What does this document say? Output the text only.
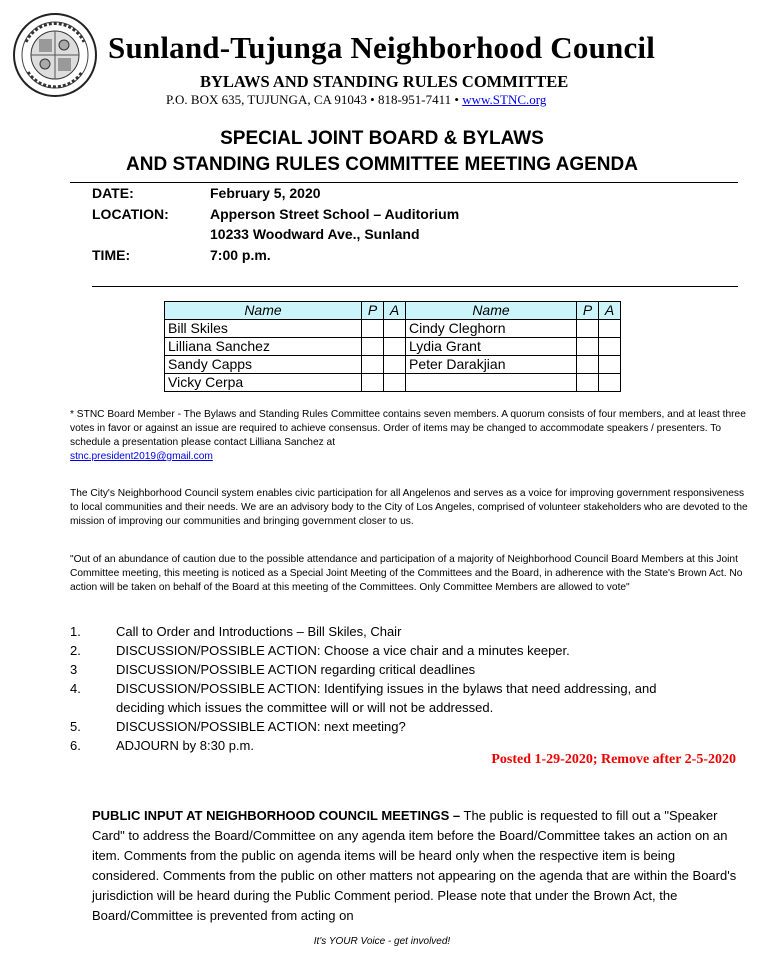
Sunland-Tujunga Neighborhood Council
BYLAWS AND STANDING RULES COMMITTEE
P.O. BOX 635, TUJUNGA, CA 91043 • 818-951-7411 • www.STNC.org
SPECIAL JOINT BOARD & BYLAWS
AND STANDING RULES COMMITTEE MEETING AGENDA
DATE:	February 5, 2020
LOCATION:	Apperson Street School – Auditorium
10233 Woodward Ave., Sunland
TIME:	7:00 p.m.
Name	P	A	Name	P	A
Bill Skiles			Cindy Cleghorn		
Lilliana Sanchez			Lydia Grant		
Sandy Capps			Peter Darakjian		
Vicky Cerpa					
* STNC Board Member - The Bylaws and Standing Rules Committee contains seven members. A quorum consists of four members, and at least three votes in favor or against an issue are required to achieve consensus. Order of items may be changed to accommodate speakers / presenters. To schedule a presentation please contact Lilliana Sanchez at
stnc.president2019@gmail.com
The City's Neighborhood Council system enables civic participation for all Angelenos and serves as a voice for improving government responsiveness to local communities and their needs. We are an advisory body to the City of Los Angeles, comprised of volunteer stakeholders who are devoted to the mission of improving our communities and bringing government closer to us.
"Out of an abundance of caution due to the possible attendance and participation of a majority of Neighborhood Council Board Members at this Joint Committee meeting, this meeting is noticed as a Special Joint Meeting of the Committees and the Board, in adherence with the State's Brown Act. No action will be taken on behalf of the Board at this meeting of the Committees. Only Committee Members are allowed to vote"
1.	Call to Order and Introductions – Bill Skiles, Chair
2.	DISCUSSION/POSSIBLE ACTION: Choose a vice chair and a minutes keeper.
3	DISCUSSION/POSSIBLE ACTION regarding critical deadlines
4.	DISCUSSION/POSSIBLE ACTION: Identifying issues in the bylaws that need addressing, and
deciding which issues the committee will or will not be addressed.
5.	DISCUSSION/POSSIBLE ACTION: next meeting?
6.	ADJOURN by 8:30 p.m.
Posted 1-29-2020; Remove after 2-5-2020
PUBLIC INPUT AT NEIGHBORHOOD COUNCIL MEETINGS – The public is requested to fill out a "Speaker Card" to address the Board/Committee on any agenda item before the Board/Committee takes an action on an item. Comments from the public on agenda items will be heard only when the respective item is being considered. Comments from the public on other matters not appearing on the agenda that are within the Board's jurisdiction will be heard during the Public Comment period. Please note that under the Brown Act, the Board/Committee is prevented from acting on
It's YOUR Voice - get involved!
